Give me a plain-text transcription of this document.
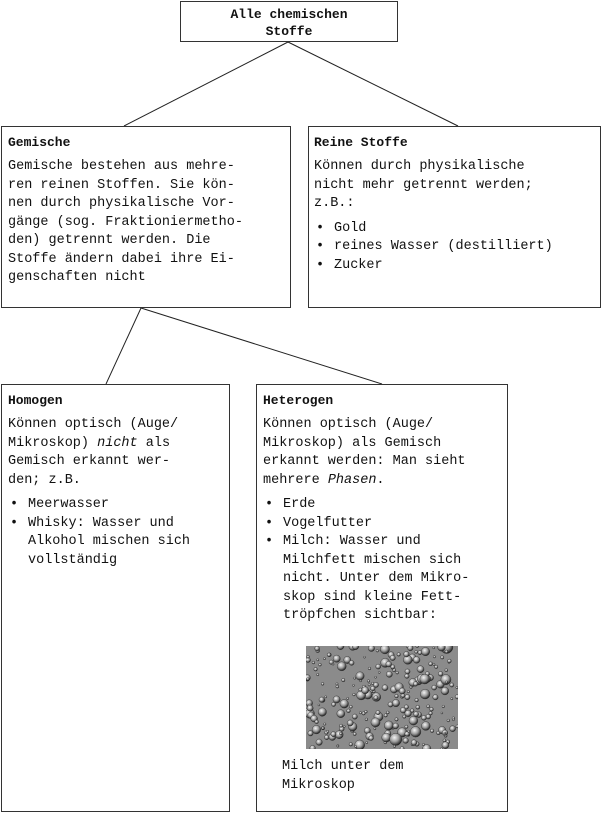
Alle chemischen
Stoffe

Gemische

Gemische bestehen aus mehre-
ren reinen Stoffen. Sie kön-
nen durch physikalische Vor-
gänge (sog. Fraktioniermetho-
den) getrennt werden. Die
Stoffe ändern dabei ihre Ei-
genschaften nicht

Reine Stoffe

Können durch physikalische
nicht mehr getrennt werden;
z.B.:

• Gold
• reines Wasser (destilliert)
• Zucker

Homogen

Können optisch (Auge/
Mikroskop) nicht als
Gemisch erkannt wer-
den; z.B.

• Meerwasser
• Whisky: Wasser und
Alkohol mischen sich
vollständig

Heterogen

Können optisch (Auge/
Mikroskop) als Gemisch
erkannt werden: Man sieht
mehrere Phasen.

• Erde
• Vogelfutter
• Milch: Wasser und
Milchfett mischen sich
nicht. Unter dem Mikro-
skop sind kleine Fett-
tröpfchen sichtbar:
Milch unter dem
Mikroskop
